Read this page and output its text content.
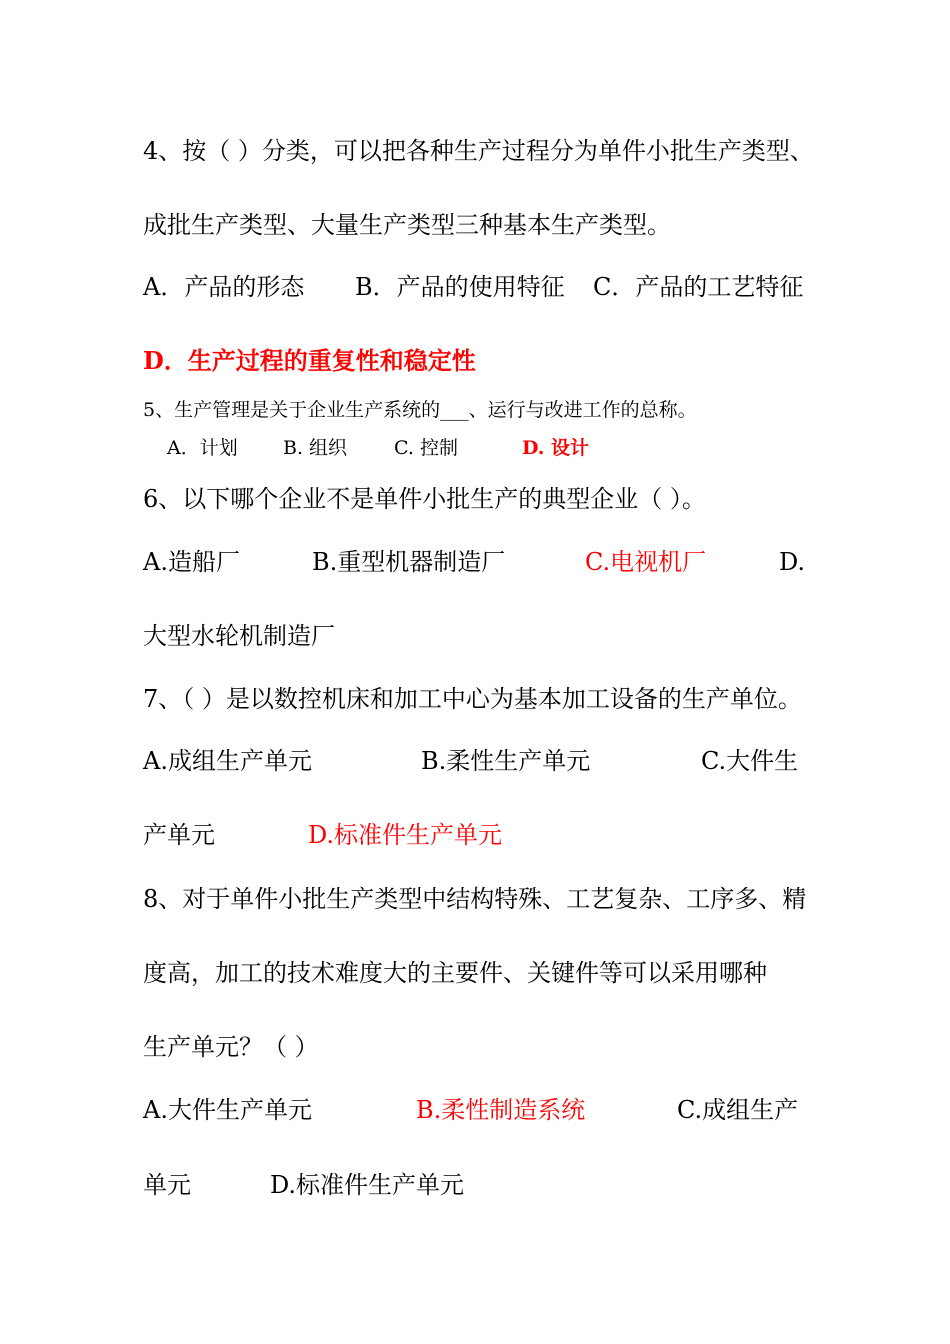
4、按（ ）分类，可以把各种生产过程分为单件小批生产类型、
成批生产类型、大量生产类型三种基本生产类型。
A．产品的形态 B．产品的使用特征 C．产品的工艺特征
D．生产过程的重复性和稳定性
5、生产管理是关于企业生产系统的___、运行与改进工作的总称。
A．计划 B. 组织 C. 控制	D. 设计
6、以下哪个企业不是单件小批生产的典型企业（ ）。
A.造船厂	B.重型机器制造厂	C.电视机厂	D.
大型水轮机制造厂
7、（ ）是以数控机床和加工中心为基本加工设备的生产单位。
A.成组生产单元	B.柔性生产单元	C.大件生
产单元	D.标准件生产单元
8、对于单件小批生产类型中结构特殊、工艺复杂、工序多、精
度高，加工的技术难度大的主要件、关键件等可以采用哪种
生产单元？（ ）
A.大件生产单元	B.柔性制造系统	C.成组生产
单元	D.标准件生产单元
